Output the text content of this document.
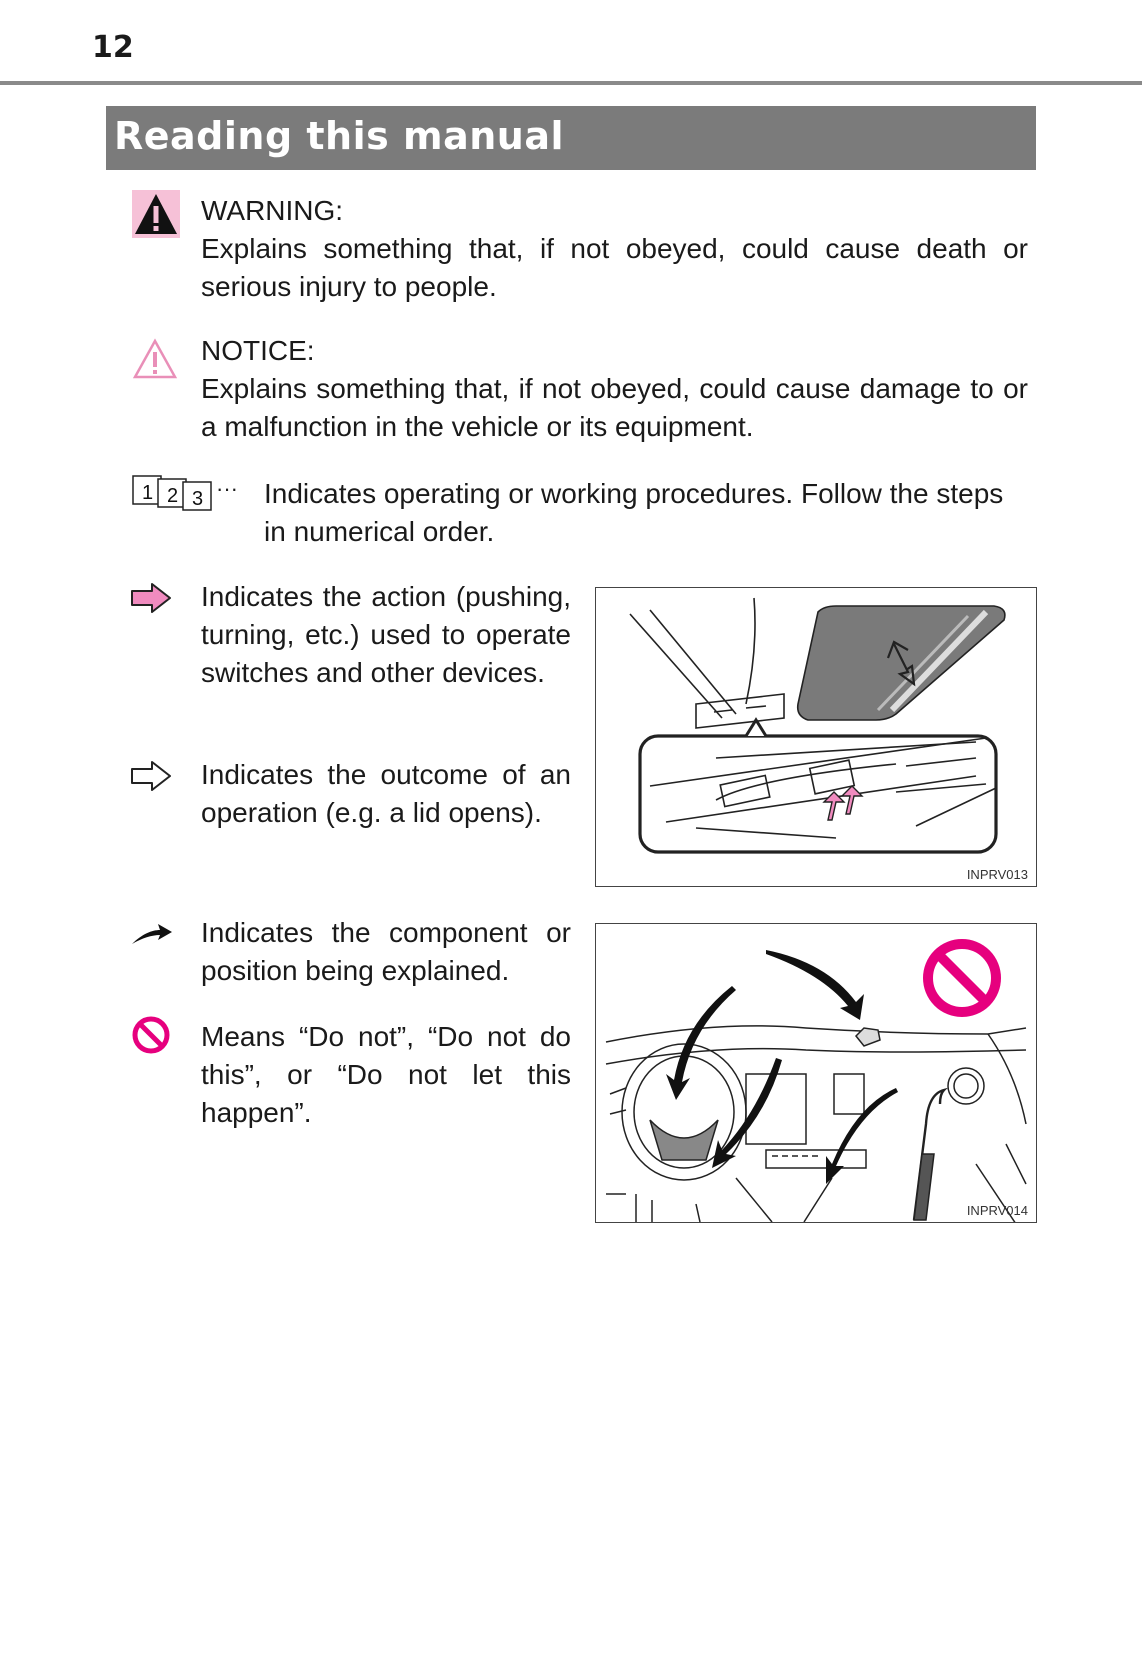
12
Reading this manual

WARNING:

Explains something that, if not obeyed, could cause death or serious injury to people.

NOTICE:

Explains something that, if not obeyed, could cause damage to or a malfunction in the vehicle or its equipment.

1 2 3 ··· Indicates operating or working procedures. Follow the steps in numerical order.

Indicates the action (pushing, turning, etc.) used to operate switches and other devices.

Indicates the outcome of an operation (e.g. a lid opens).

Indicates the component or position being explained.

Means “Do not”, “Do not do this”, or “Do not let this happen”.

INPRV013
INPRV014
